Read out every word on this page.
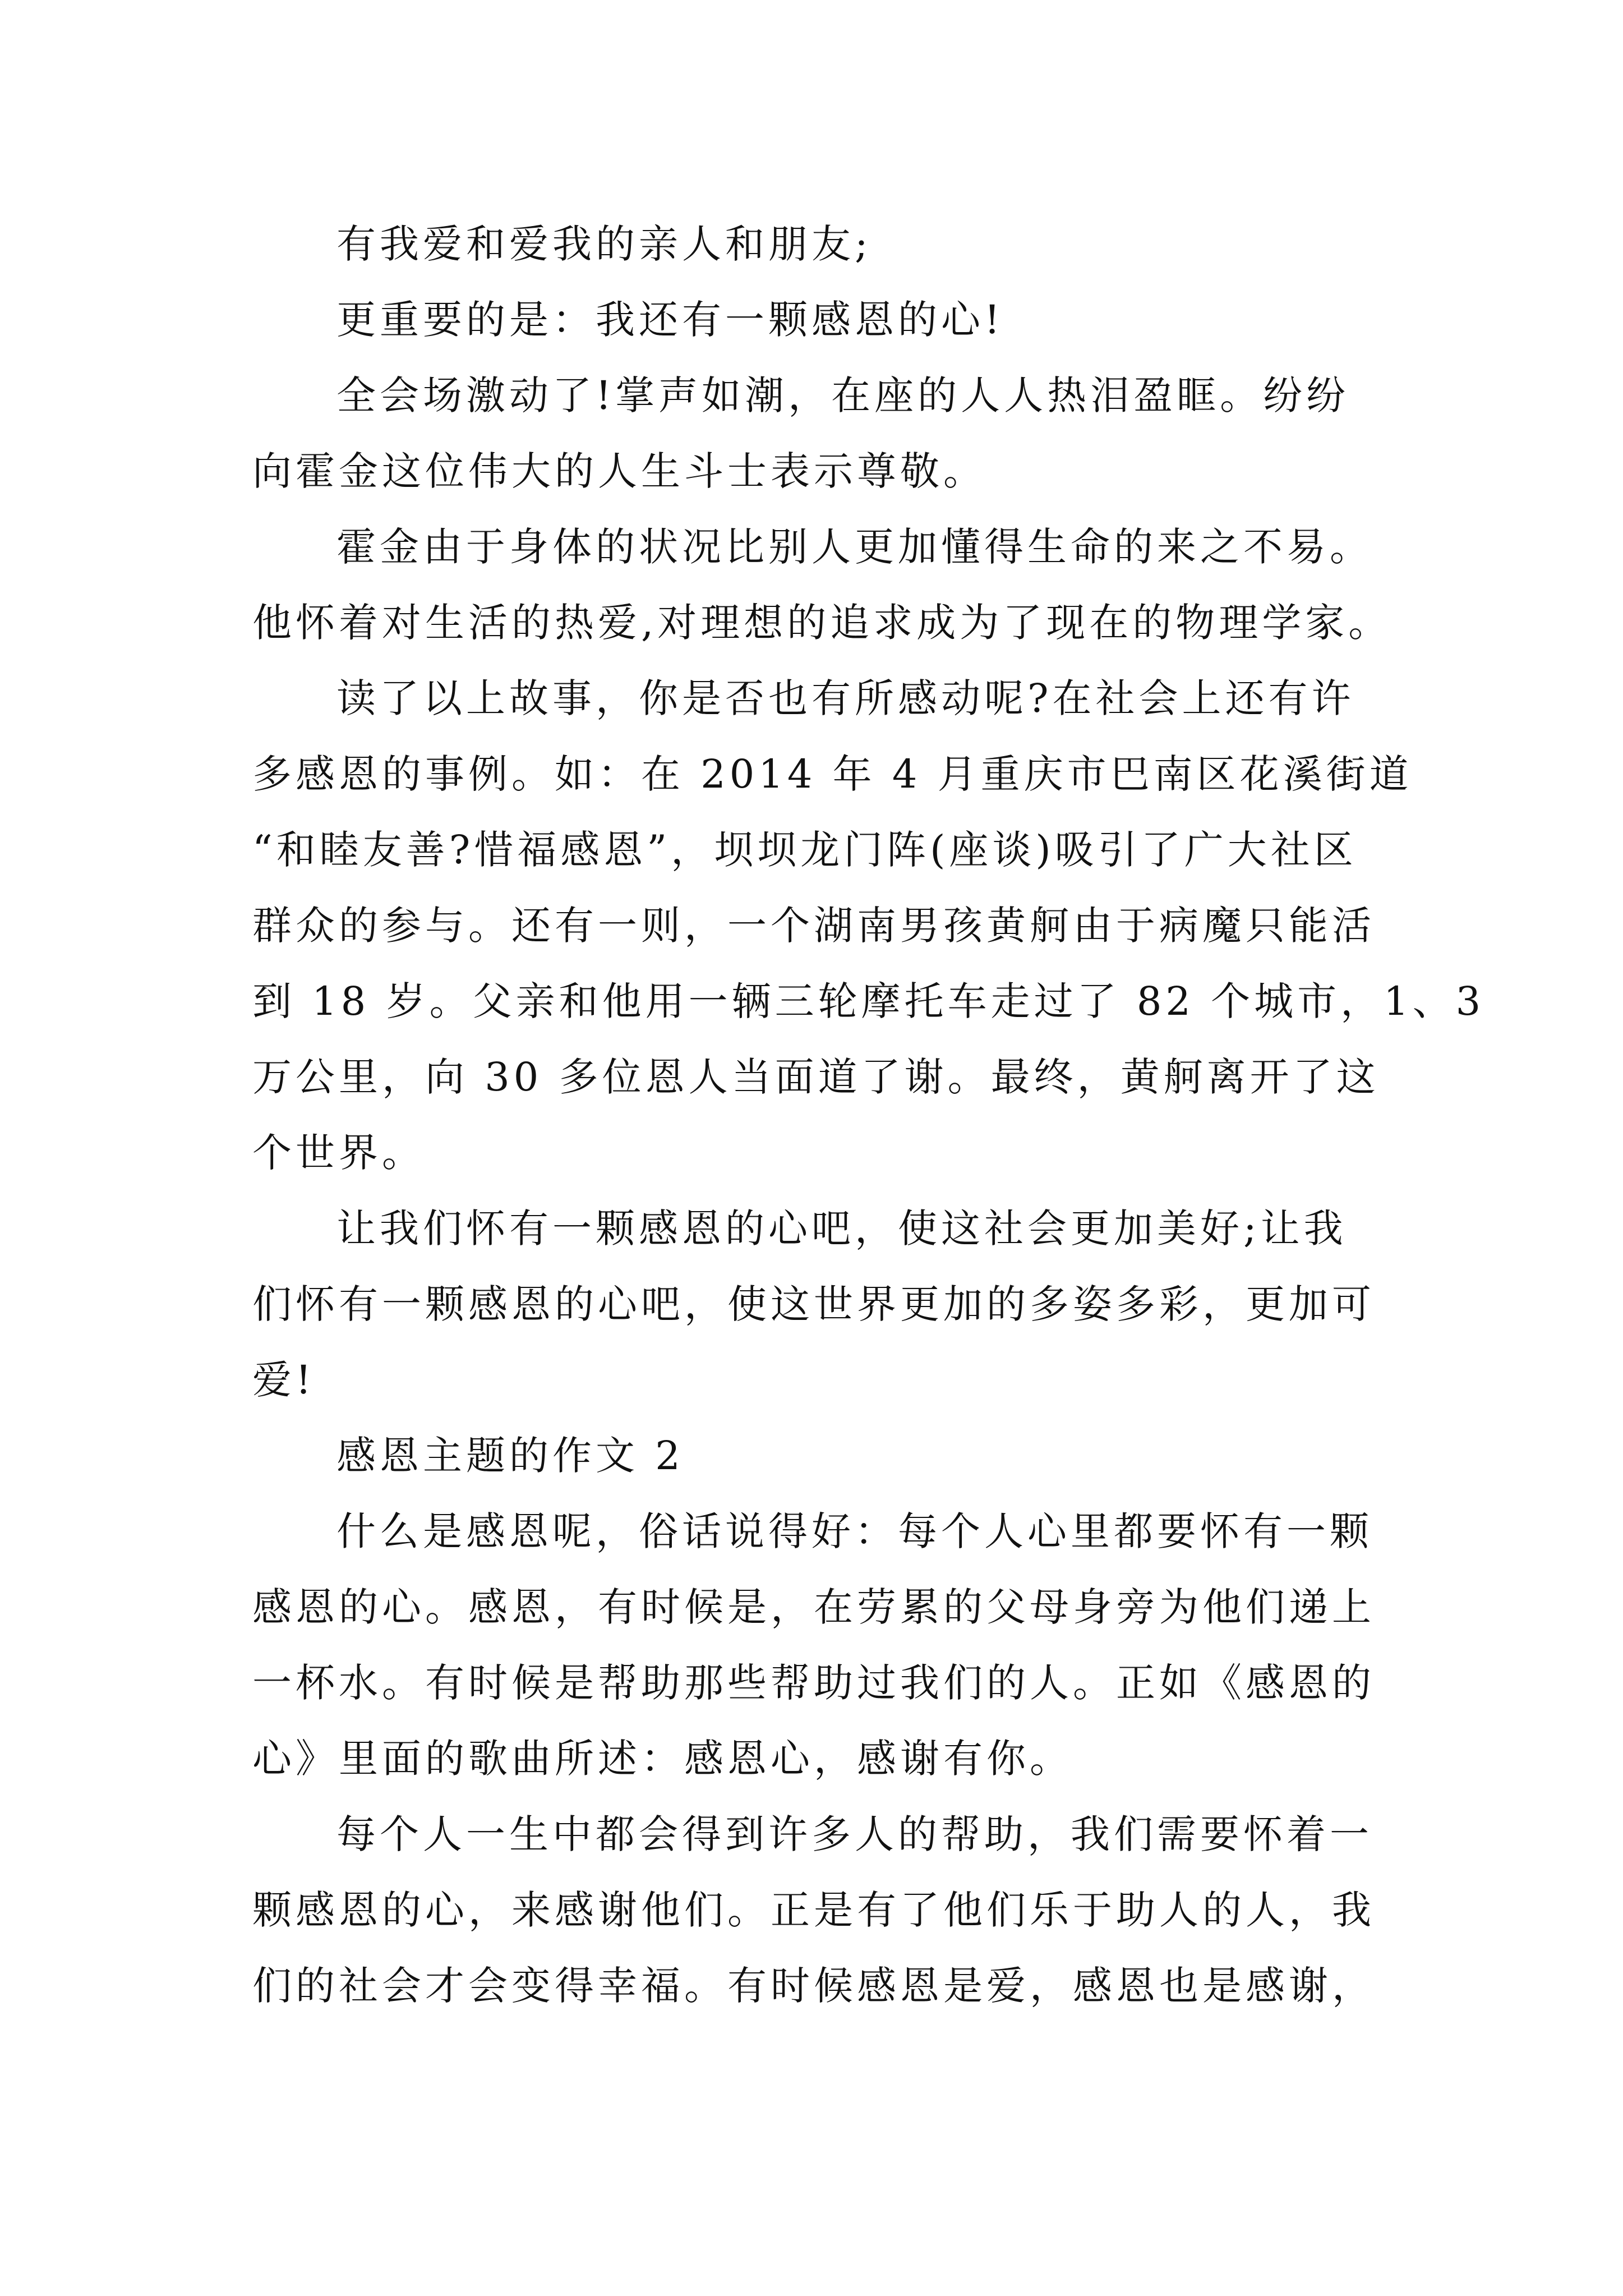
有我爱和爱我的亲人和朋友;

更重要的是：我还有一颗感恩的心!

全会场激动了!掌声如潮，在座的人人热泪盈眶。纷纷

向霍金这位伟大的人生斗士表示尊敬。

霍金由于身体的状况比别人更加懂得生命的来之不易。

他怀着对生活的热爱,对理想的追求成为了现在的物理学家。

读了以上故事，你是否也有所感动呢?在社会上还有许

多感恩的事例。如：在 2014 年 4 月重庆市巴南区花溪街道

“和睦友善?惜福感恩”，坝坝龙门阵(座谈)吸引了广大社区

群众的参与。还有一则，一个湖南男孩黄舸由于病魔只能活

到 18 岁。父亲和他用一辆三轮摩托车走过了 82 个城市，1、3

万公里，向 30 多位恩人当面道了谢。最终，黄舸离开了这

个世界。

让我们怀有一颗感恩的心吧，使这社会更加美好;让我

们怀有一颗感恩的心吧，使这世界更加的多姿多彩，更加可

爱!

感恩主题的作文 2

什么是感恩呢，俗话说得好：每个人心里都要怀有一颗

感恩的心。感恩，有时候是，在劳累的父母身旁为他们递上

一杯水。有时候是帮助那些帮助过我们的人。正如《感恩的

心》里面的歌曲所述：感恩心，感谢有你。

每个人一生中都会得到许多人的帮助，我们需要怀着一

颗感恩的心，来感谢他们。正是有了他们乐于助人的人，我

们的社会才会变得幸福。有时候感恩是爱，感恩也是感谢，
